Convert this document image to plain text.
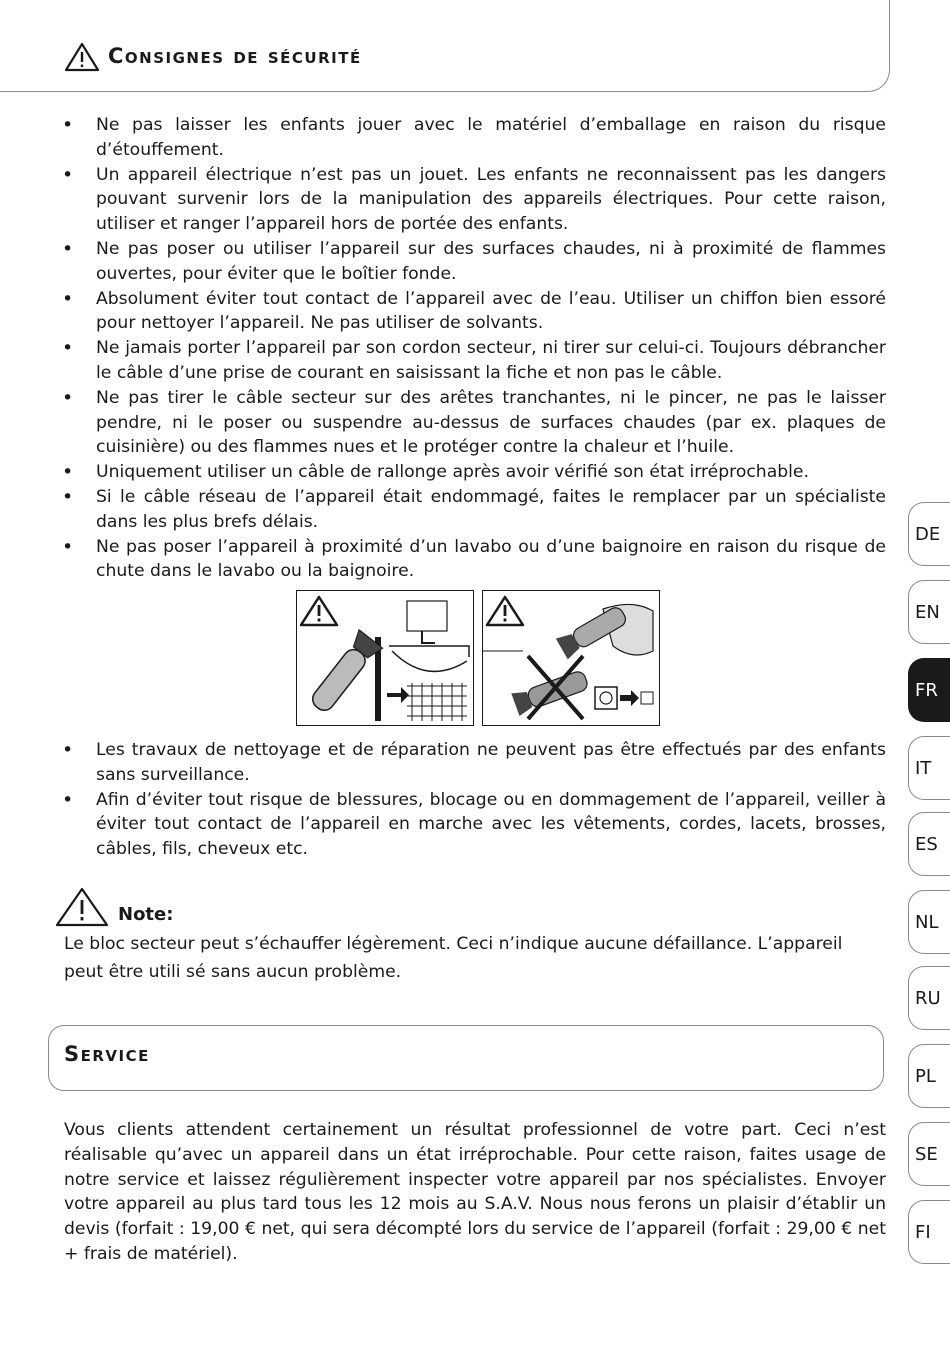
Consignes de sécurité
• Ne pas laisser les enfants jouer avec le matériel d’emballage en raison du risque d’étouffement.
• Un appareil électrique n’est pas un jouet. Les enfants ne reconnaissent pas les dangers pouvant survenir lors de la manipulation des appareils électriques. Pour cette raison, utiliser et ranger l’appareil hors de portée des enfants.
• Ne pas poser ou utiliser l’appareil sur des surfaces chaudes, ni à proximité de flammes ouvertes, pour éviter que le boîtier fonde.
• Absolument éviter tout contact de l’appareil avec de l’eau. Utiliser un chiffon bien essoré pour nettoyer l’appareil. Ne pas utiliser de solvants.
• Ne jamais porter l’appareil par son cordon secteur, ni tirer sur celui-ci. Toujours débrancher le câble d’une prise de courant en saisissant la fiche et non pas le câble.
• Ne pas tirer le câble secteur sur des arêtes tranchantes, ni le pincer, ne pas le laisser pendre, ni le poser ou suspendre au-dessus de surfaces chaudes (par ex. plaques de cuisinière) ou des flammes nues et le protéger contre la chaleur et l’huile.
• Uniquement utiliser un câble de rallonge après avoir vérifié son état irréprochable.
• Si le câble réseau de l’appareil était endommagé, faites le remplacer par un spécialiste dans les plus brefs délais.
• Ne pas poser l’appareil à proximité d’un lavabo ou d’une baignoire en raison du risque de chute dans le lavabo ou la baignoire.
• Les travaux de nettoyage et de réparation ne peuvent pas être effectués par des enfants sans surveillance.
• Afin d’éviter tout risque de blessures, blocage ou en dommagement de l’appareil, veiller à éviter tout contact de l’appareil en marche avec les vêtements, cordes, lacets, brosses, câbles, fils, cheveux etc.
Note:
Le bloc secteur peut s’échauffer légèrement. Ceci n’indique aucune défaillance. L’appareil peut être utili sé sans aucun problème.
Service
Vous clients attendent certainement un résultat professionnel de votre part. Ceci n’est réalisable qu’avec un appareil dans un état irréprochable. Pour cette raison, faites usage de notre service et laissez régulièrement inspecter votre appareil par nos spécialistes. Envoyer votre appareil au plus tard tous les 12 mois au S.A.V. Nous nous ferons un plaisir d’établir un devis (forfait : 19,00 € net, qui sera décompté lors du service de l’appareil (forfait : 29,00 € net + frais de matériel).
DE
EN
FR
IT
ES
NL
RU
PL
SE
FI
